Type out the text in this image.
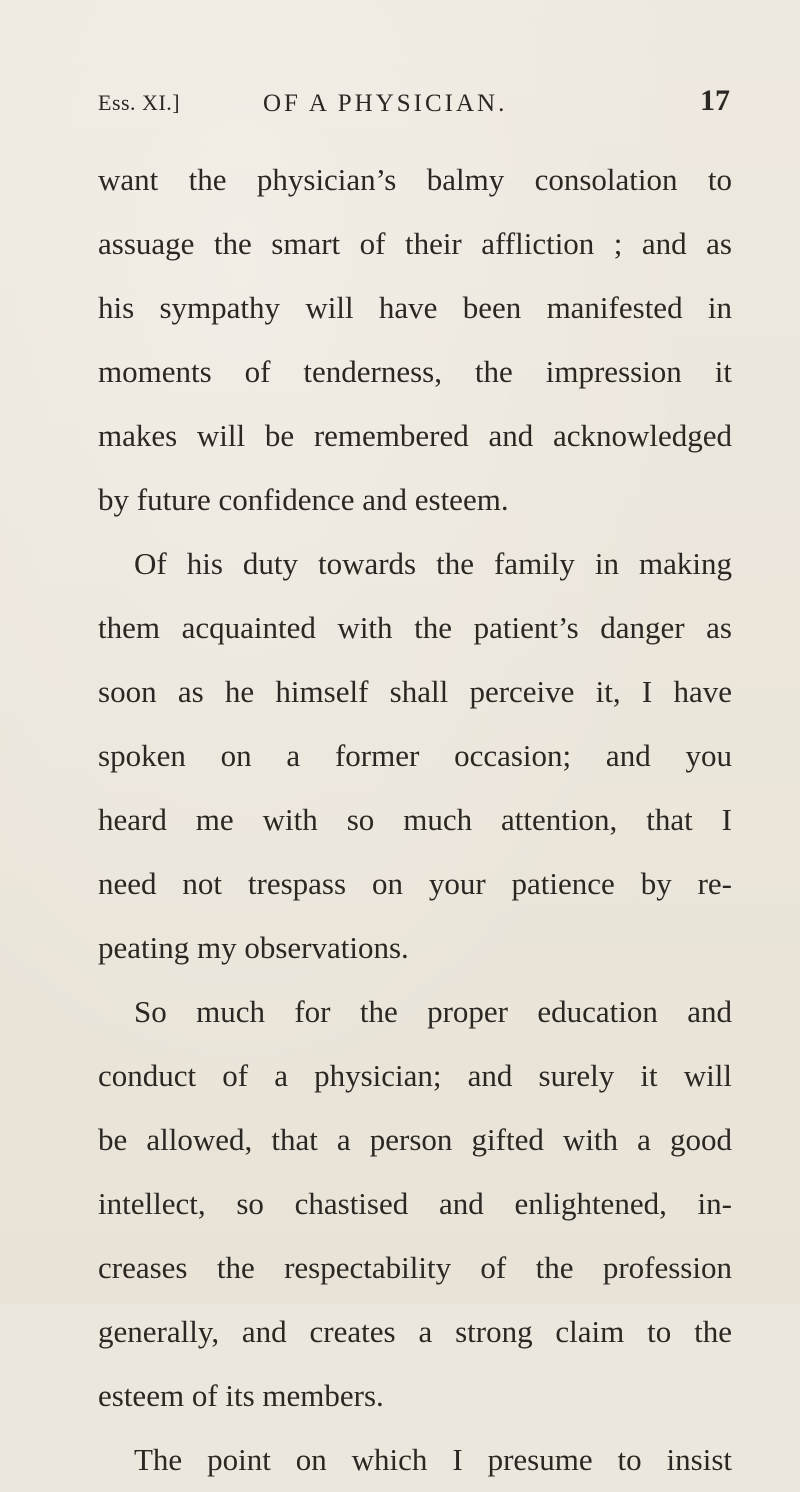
Ess. XI.]	OF A PHYSICIAN.	17
want the physician’s balmy consolation to
assuage the smart of their affliction ; and as
his sympathy will have been manifested in
moments of tenderness, the impression it
makes will be remembered and acknowledged
by future confidence and esteem.
Of his duty towards the family in making
them acquainted with the patient’s danger as
soon as he himself shall perceive it, I have
spoken on a former occasion; and you
heard me with so much attention, that I
need not trespass on your patience by re-
peating my observations.
So much for the proper education and
conduct of a physician; and surely it will
be allowed, that a person gifted with a good
intellect, so chastised and enlightened, in-
creases the respectability of the profession
generally, and creates a strong claim to the
esteem of its members.
The point on which I presume to insist
